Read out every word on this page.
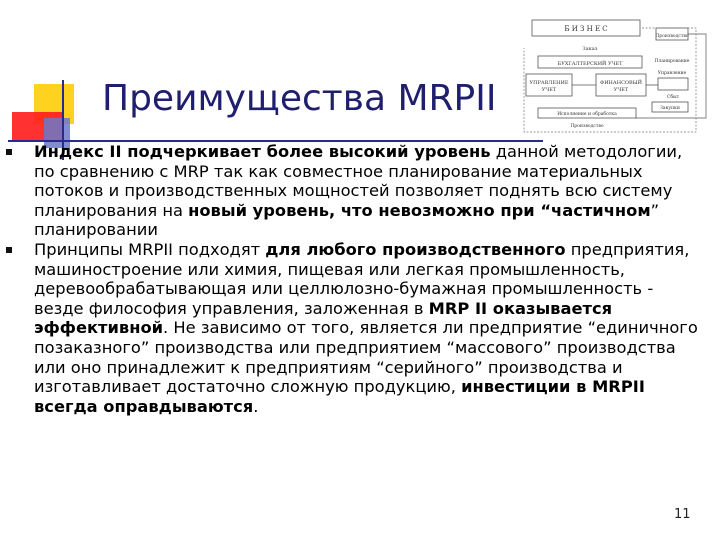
Б И З Н Е С
Заказ
БУХГАЛТЕРСКИЙ УЧЕТ
УПРАВЛЕНИЕ
УЧЕТ
ФИНАНСОВЫЙ
УЧЕТ
Производство
Планирование
Управление
Сбыт
Закупки
Исполнение и обработка
Производство
Преимущества MRPII

Индекс II подчеркивает более высокий уровень данной методологии, по сравнению с MRP так как совместное планирование материальных потоков и производственных мощностей позволяет поднять всю систему планирования на новый уровень, что невозможно при “частичном” планировании

Принципы MRPII подходят для любого производственного предприятия, машиностроение или химия, пищевая или легкая промышленность, деревообрабатывающая или целлюлозно-бумажная промышленность - везде философия управления, заложенная в MRP II оказывается эффективной. Не зависимо от того, является ли предприятие “единичного позаказного” производства или предприятием “массового” производства или оно принадлежит к предприятиям “серийного” производства и изготавливает достаточно сложную продукцию, инвестиции в MRPII всегда оправдываются.

11
